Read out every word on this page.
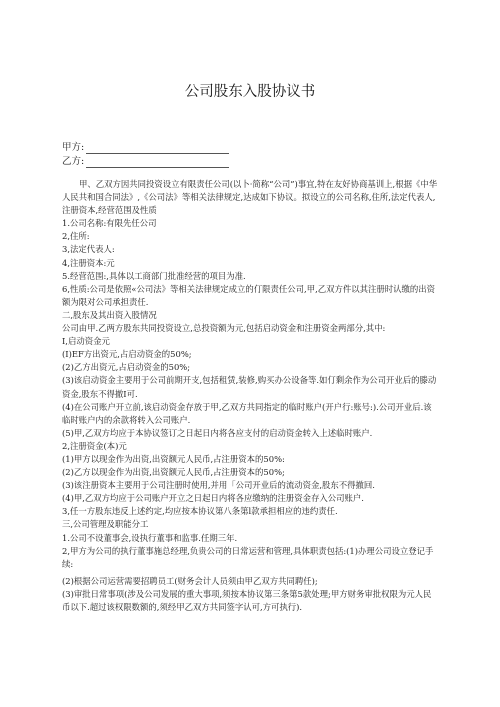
公司股东入股协议书
甲方:
乙方:

甲、乙双方因共同投资设立有限责任公司(以卜·简称“公司”)事宜,特在友好协商基训上,根据《中华人民共和国合同法》,《公司法》等相关法律规定,达成如下协议。拟设立的公司名称,住所,法定代表人,注册资本,经营范围及性质

1.公司名称:有限先任公司

2,住所:

3,法定代表人:

4,注册资本:元

5.经营范围:,具体以工商部门批准经营的项目为准.

6,性质:公司是依照«公司法》等相关法律规定成立的仃限责任公司,甲,乙双方件以其注册时认缴的出资额为限对公司承担责任.

二,股东及其出资入股情况

公司由甲.乙两方股东共同投资设立,总投资额为元,包括启动资金和注册资金两部分,其中:

I,启动资金元

(I)EF方出资元,占启动资金的50%;

(2)乙方出资元,占启动资金的50%;

(3)该启动资金主要用于公司前期开支,包括租赁,装修,购买办公设备等.如仃剩余作为公司开业后的滕动资金,股东不得撤I可.

(4)在公司账户开立前,该启动资金存放于甲,乙双方共同指定的临时账户(开户行:账号:).公司开业后.该临时账户内的余款将转入公司账户.

(5)甲,乙双方均应于本协议签订之日起日内将各应支付的启动资金转入上述临时账户.

2,注册资金(本)元

(1)甲方以现金作为出资,出资额元人民币,占注册资本的50%:

(2)乙方以现金作为出资,出资额元人民币,占注册资本的50%;

(3)该注册资本主要用于公司注册时使用,并用「公司开业后的流动资金,股东不得撤回.

(4)甲,乙双方均应于公司账户开立之日起日内将各应缴纳的注册资金存入公司账户.

3,任一方股东违反上述约定,均应按本协议第八条第l款承担相应的违约责任.

三,公司管理及职能分工

1.公司不设董事会,设执行董事和监事.任期三年.

2,甲方为公司的执行董事施总经理,负贵公司的日常运营和管理,具体职责包括:(1)办理公司设立登记手续:

(2)根据公司运营需要招聘员工(财务会计人员须由甲乙双方共同聘任);

(3)审批日常事项(涉及公司发展的重大事项,须按本协议第三条第5款处理;甲方财务审批权限为元人民币以下.超过该权限数额的,须经甲乙双方共同签字认可,方可执行).
